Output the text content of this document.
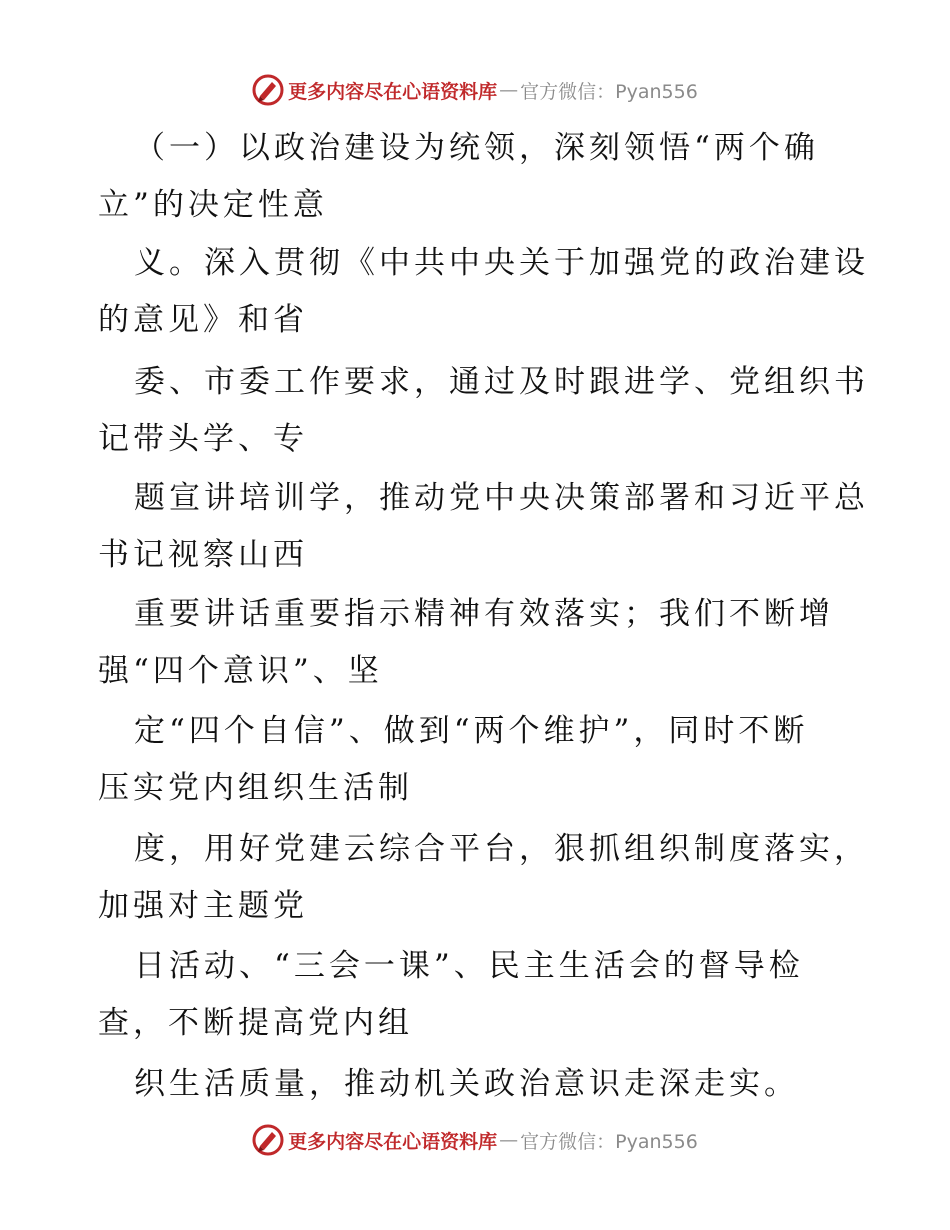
更多内容尽在心语资料库 — 官方微信：Pyan556
（一）以政治建设为统领，深刻领悟“两个确
立”的决定性意
义。深入贯彻《中共中央关于加强党的政治建设
的意见》和省
委、市委工作要求，通过及时跟进学、党组织书
记带头学、专
题宣讲培训学，推动党中央决策部署和习近平总
书记视察山西
重要讲话重要指示精神有效落实；我们不断增
强“四个意识”、坚
定“四个自信”、做到“两个维护”，同时不断
压实党内组织生活制
度，用好党建云综合平台，狠抓组织制度落实，
加强对主题党
日活动、“三会一课”、民主生活会的督导检
查，不断提高党内组
织生活质量，推动机关政治意识走深走实。
更多内容尽在心语资料库 — 官方微信：Pyan556
